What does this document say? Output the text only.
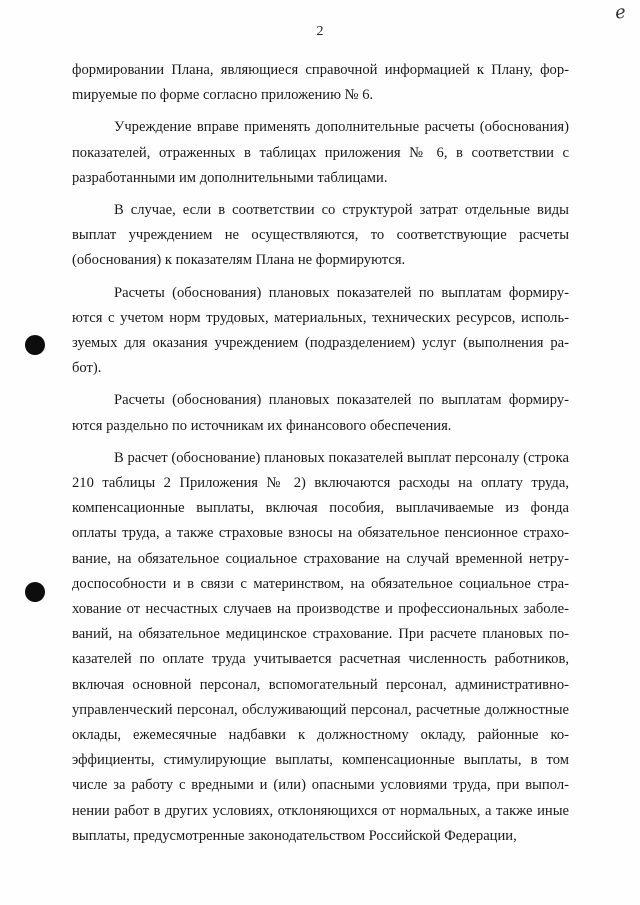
e
2

формировании Плана, являющиеся справочной информацией к Плану, форmируемые по форме согласно приложению № 6.

Учреждение вправе применять дополнительные расчеты (обоснования) показателей, отраженных в таблицах приложения № 6, в соответствии с разработанными им дополнительными таблицами.

В случае, если в соответствии со структурой затрат отдельные виды выплат учреждением не осуществляются, то соответствующие расчеты (обоснования) к показателям Плана не формируются.

Расчеты (обоснования) плановых показателей по выплатам формируются с учетом норм трудовых, материальных, технических ресурсов, используемых для оказания учреждением (подразделением) услуг (выполнения работ).

Расчеты (обоснования) плановых показателей по выплатам формируются раздельно по источникам их финансового обеспечения.

В расчет (обоснование) плановых показателей выплат персоналу (строка 210 таблицы 2 Приложения № 2) включаются расходы на оплату труда, компенсационные выплаты, включая пособия, выплачиваемые из фонда оплаты труда, а также страховые взносы на обязательное пенсионное страхование, на обязательное социальное страхование на случай временной нетрудоспособности и в связи с материнством, на обязательное социальное страхование от несчастных случаев на производстве и профессиональных заболеваний, на обязательное медицинское страхование. При расчете плановых показателей по оплате труда учитывается расчетная численность работников, включая основной персонал, вспомогательный персонал, административно-управленческий персонал, обслуживающий персонал, расчетные должностные оклады, ежемесячные надбавки к должностному окладу, районные коэффициенты, стимулирующие выплаты, компенсационные выплаты, в том числе за работу с вредными и (или) опасными условиями труда, при выполнении работ в других условиях, отклоняющихся от нормальных, а также иные выплаты, предусмотренные законодательством Российской Федерации,
